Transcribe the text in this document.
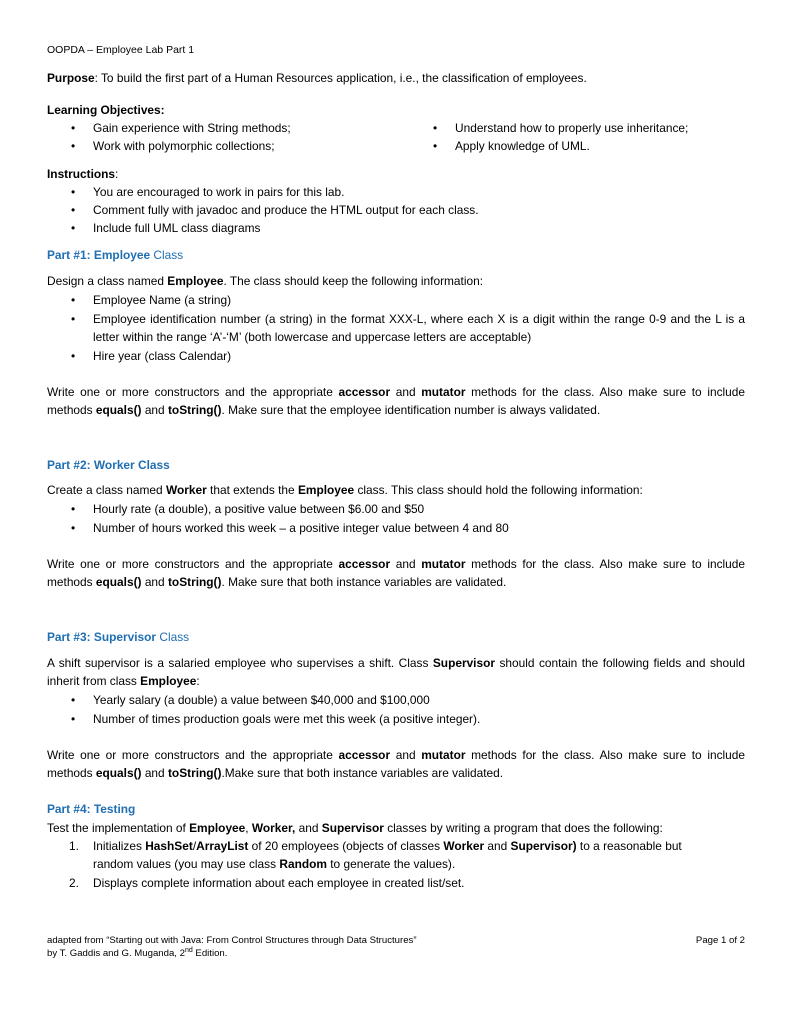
OOPDA – Employee Lab Part 1
Purpose: To build the first part of a Human Resources application, i.e., the classification of employees.
Learning Objectives:
• Gain experience with String methods;
• Work with polymorphic collections;
• Understand how to properly use inheritance;
• Apply knowledge of UML.
Instructions:
• You are encouraged to work in pairs for this lab.
• Comment fully with javadoc and produce the HTML output for each class.
• Include full UML class diagrams
Part #1: Employee Class
Design a class named Employee. The class should keep the following information:
• Employee Name (a string)
• Employee identification number (a string) in the format XXX-L, where each X is a digit within the range 0-9 and the L is a letter within the range ‘A’-‘M’ (both lowercase and uppercase letters are acceptable)
• Hire year (class Calendar)
Write one or more constructors and the appropriate accessor and mutator methods for the class. Also make sure to include methods equals() and toString(). Make sure that the employee identification number is always validated.
Part #2: Worker Class
Create a class named Worker that extends the Employee class. This class should hold the following information:
• Hourly rate (a double), a positive value between $6.00 and $50
• Number of hours worked this week – a positive integer value between 4 and 80
Write one or more constructors and the appropriate accessor and mutator methods for the class. Also make sure to include methods equals() and toString(). Make sure that both instance variables are validated.
Part #3: Supervisor Class
A shift supervisor is a salaried employee who supervises a shift. Class Supervisor should contain the following fields and should inherit from class Employee:
• Yearly salary (a double) a value between $40,000 and $100,000
• Number of times production goals were met this week (a positive integer).
Write one or more constructors and the appropriate accessor and mutator methods for the class. Also make sure to include methods equals() and toString().Make sure that both instance variables are validated.
Part #4: Testing
Test the implementation of Employee, Worker, and Supervisor classes by writing a program that does the following:
1. Initializes HashSet/ArrayList of 20 employees (objects of classes Worker and Supervisor) to a reasonable but random values (you may use class Random to generate the values).
2. Displays complete information about each employee in created list/set.
adapted from “Starting out with Java: From Control Structures through Data Structures”
by T. Gaddis and G. Muganda, 2nd Edition.
Page 1 of 2
